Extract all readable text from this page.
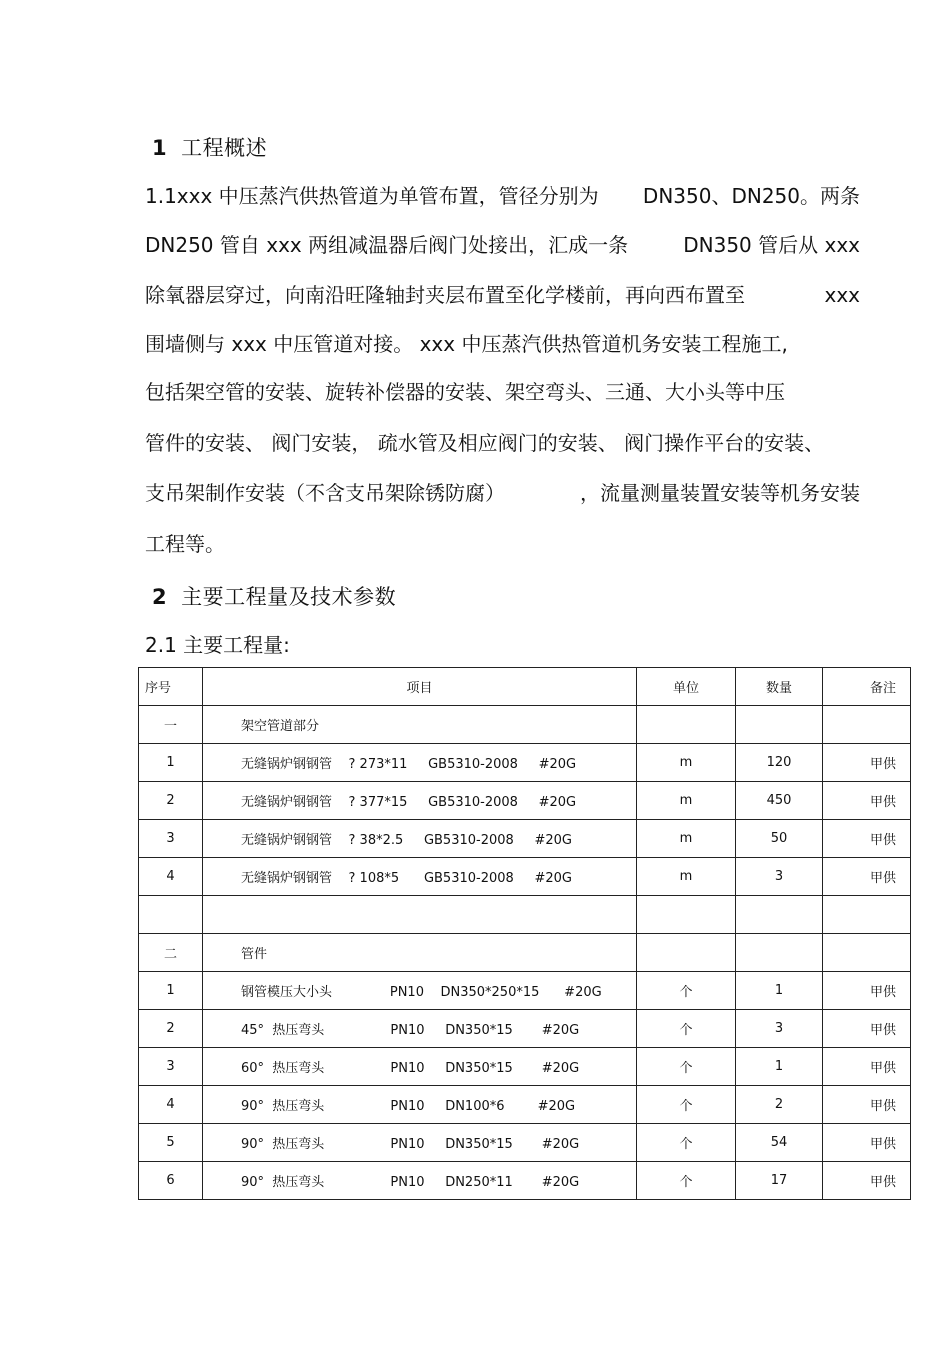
1 工程概述
1.1xxx 中压蒸汽供热管道为单管布置，管径分别为 DN350、DN250。两条
DN250 管自 xxx 两组减温器后阀门处接出，汇成一条	DN350 管后从 xxx
除氧器层穿过，向南沿旺隆轴封夹层布置至化学楼前，再向西布置至	xxx
围墙侧与 xxx 中压管道对接。 xxx 中压蒸汽供热管道机务安装工程施工,
包括架空管的安装、旋转补偿器的安装、架空弯头、三通、大小头等中压
管件的安装、 阀门安装， 疏水管及相应阀门的安装、 阀门操作平台的安装、
支吊架制作安装（不含支吊架除锈防腐）	，流量测量装置安装等机务安装
工程等。
2 主要工程量及技术参数
2.1 主要工程量:
序号	项目	单位	数量	备注
一	架空管道部分			
1	无缝锅炉钢钢管    ? 273*11     GB5310-2008     #20G	m	120	甲供
2	无缝锅炉钢钢管    ? 377*15     GB5310-2008     #20G	m	450	甲供
3	无缝锅炉钢钢管    ? 38*2.5     GB5310-2008     #20G	m	50	甲供
4	无缝锅炉钢钢管    ? 108*5      GB5310-2008     #20G	m	3	甲供

二	管件			
1	钢管模压大小头              PN10    DN350*250*15      #20G	个	1	甲供
2	45°  热压弯头                PN10     DN350*15       #20G	个	3	甲供
3	60°  热压弯头                PN10     DN350*15       #20G	个	1	甲供
4	90°  热压弯头                PN10     DN100*6        #20G	个	2	甲供
5	90°  热压弯头                PN10     DN350*15       #20G	个	54	甲供
6	90°  热压弯头                PN10     DN250*11       #20G	个	17	甲供
